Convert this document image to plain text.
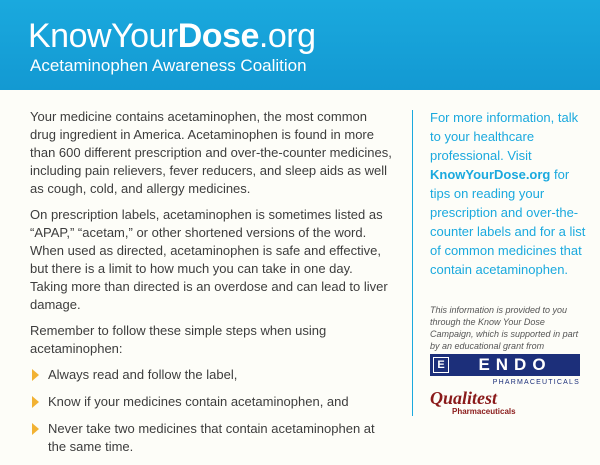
KnowYourDose.org
Acetaminophen Awareness Coalition

Your medicine contains acetaminophen, the most common drug ingredient in America. Acetaminophen is found in more than 600 different prescription and over-the-counter medicines, including pain relievers, fever reducers, and sleep aids as well as cough, cold, and allergy medicines.

On prescription labels, acetaminophen is sometimes listed as “APAP,” “acetam,” or other shortened versions of the word. When used as directed, acetaminophen is safe and effective, but there is a limit to how much you can take in one day. Taking more than directed is an overdose and can lead to liver damage.

Remember to follow these simple steps when using acetaminophen:

Always read and follow the label,
Know if your medicines contain acetaminophen, and
Never take two medicines that contain acetaminophen at the same time.
For more information, talk to your healthcare professional. Visit KnowYourDose.org for tips on reading your prescription and over-the-counter labels and for a list of common medicines that contain acetaminophen.
This information is provided to you through the Know Your Dose Campaign, which is supported in part by an educational grant from
E	ENDO
PHARMACEUTICALS
Qualitest
Pharmaceuticals
